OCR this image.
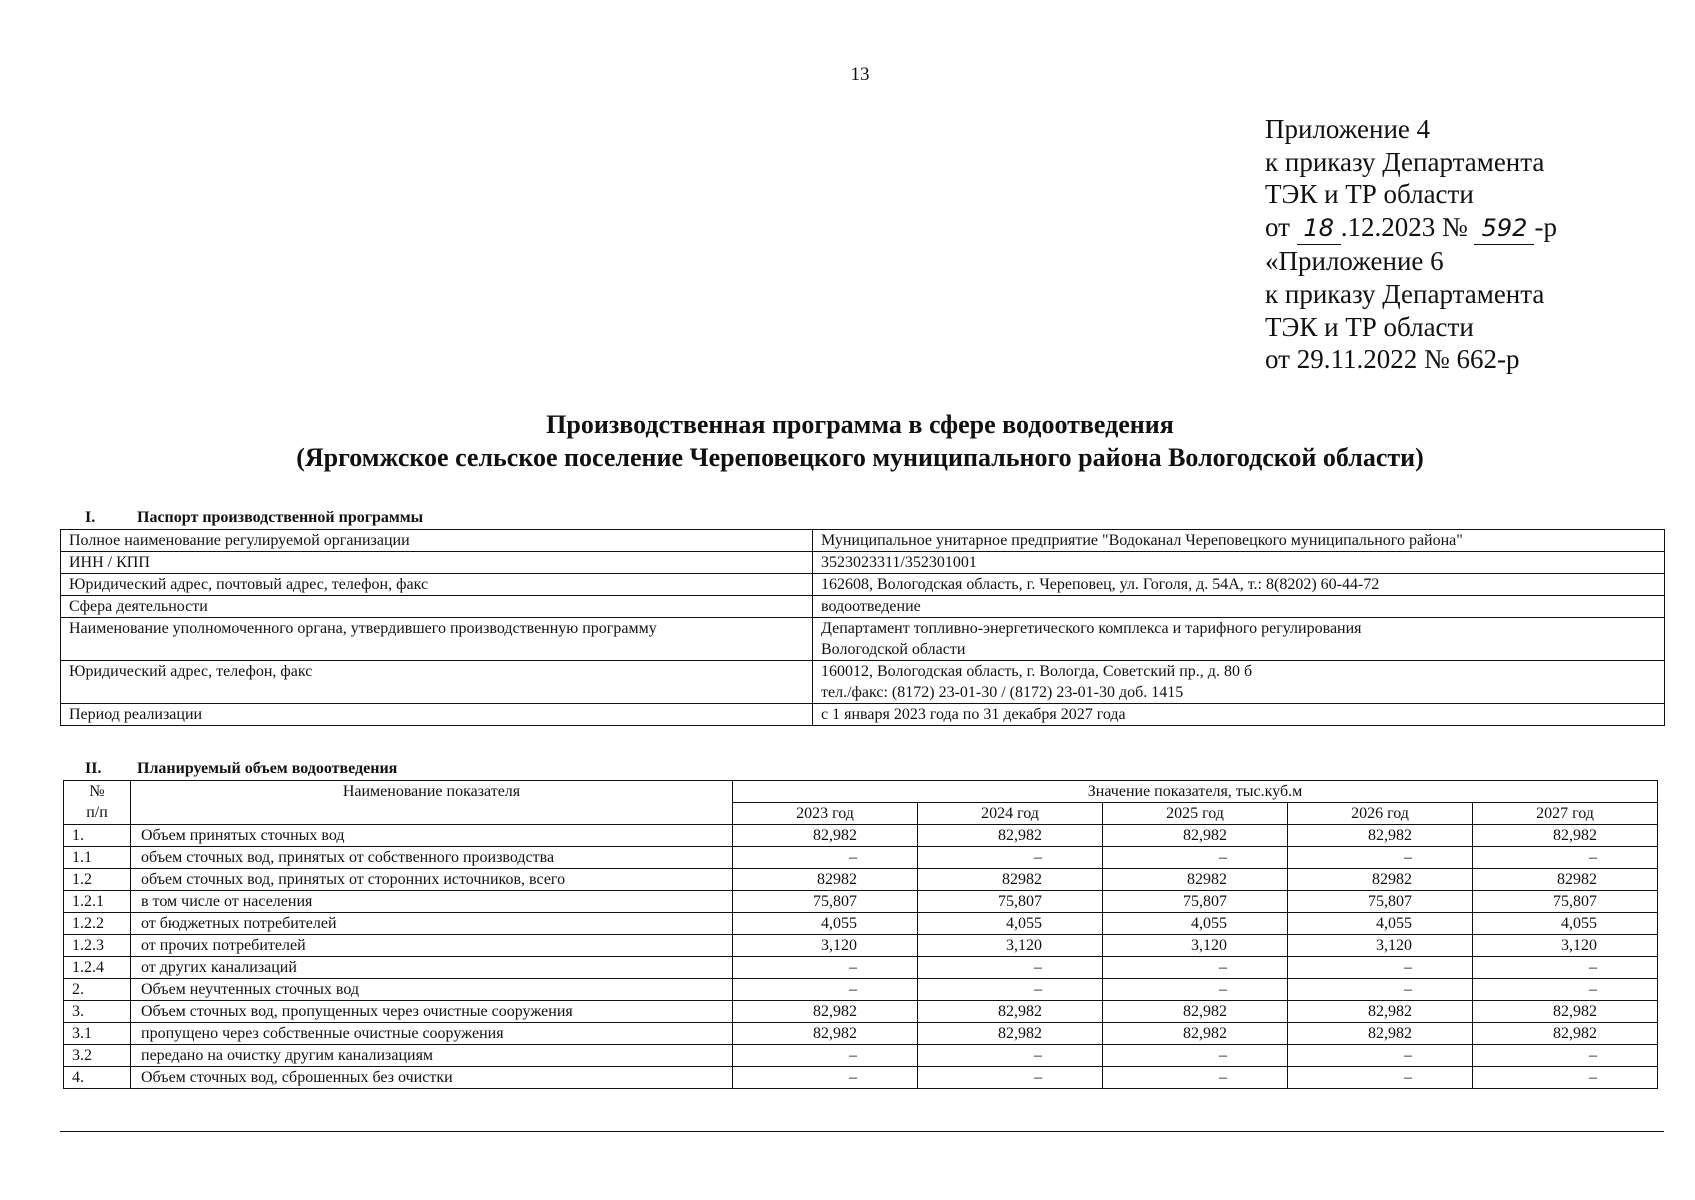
13
Приложение 4
к приказу Департамента
ТЭК и ТР области
от 18 .12.2023 № 592 -р
«Приложение 6
к приказу Департамента
ТЭК и ТР области
от 29.11.2022 № 662-р
Производственная программа в сфере водоотведения
(Яргомжское сельское поселение Череповецкого муниципального района Вологодской области)
I.	Паспорт производственной программы
Полное наименование регулируемой организации	Муниципальное унитарное предприятие "Водоканал Череповецкого муниципального района"

ИНН / КПП	3523023311/352301001

Юридический адрес, почтовый адрес, телефон, факс	162608, Вологодская область, г. Череповец, ул. Гоголя, д. 54А, т.: 8(8202) 60-44-72

Сфера деятельности	водоотведение

Наименование уполномоченного органа, утвердившего производственную программу	Департамент топливно-энергетического комплекса и тарифного регулирования
Вологодской области

Юридический адрес, телефон, факс	160012, Вологодская область, г. Вологда, Советский пр., д. 80 б
тел./факс: (8172) 23-01-30 / (8172) 23-01-30 доб. 1415

Период реализации	с 1 января 2023 года по 31 декабря 2027 года
II. Планируемый объем водоотведения
№
п/п	Наименование показателя	Значение показателя, тыс.куб.м				
		2023 год	2024 год	2025 год	2026 год	2027 год
1.	Объем принятых сточных вод	82,982	82,982	82,982	82,982	82,982
1.1	объем сточных вод, принятых от собственного производства	–	–	–	–	–
1.2	объем сточных вод, принятых от сторонних источников, всего	82982	82982	82982	82982	82982
1.2.1	в том числе от населения	75,807	75,807	75,807	75,807	75,807
1.2.2	от бюджетных потребителей	4,055	4,055	4,055	4,055	4,055
1.2.3	от прочих потребителей	3,120	3,120	3,120	3,120	3,120
1.2.4	от других канализаций	–	–	–	–	–
2.	Объем неучтенных сточных вод	–	–	–	–	–
3.	Объем сточных вод, пропущенных через очистные сооружения	82,982	82,982	82,982	82,982	82,982
3.1	пропущено через собственные очистные сооружения	82,982	82,982	82,982	82,982	82,982
3.2	передано на очистку другим канализациям	–	–	–	–	–
4.	Объем сточных вод, сброшенных без очистки	–	–	–	–	–
